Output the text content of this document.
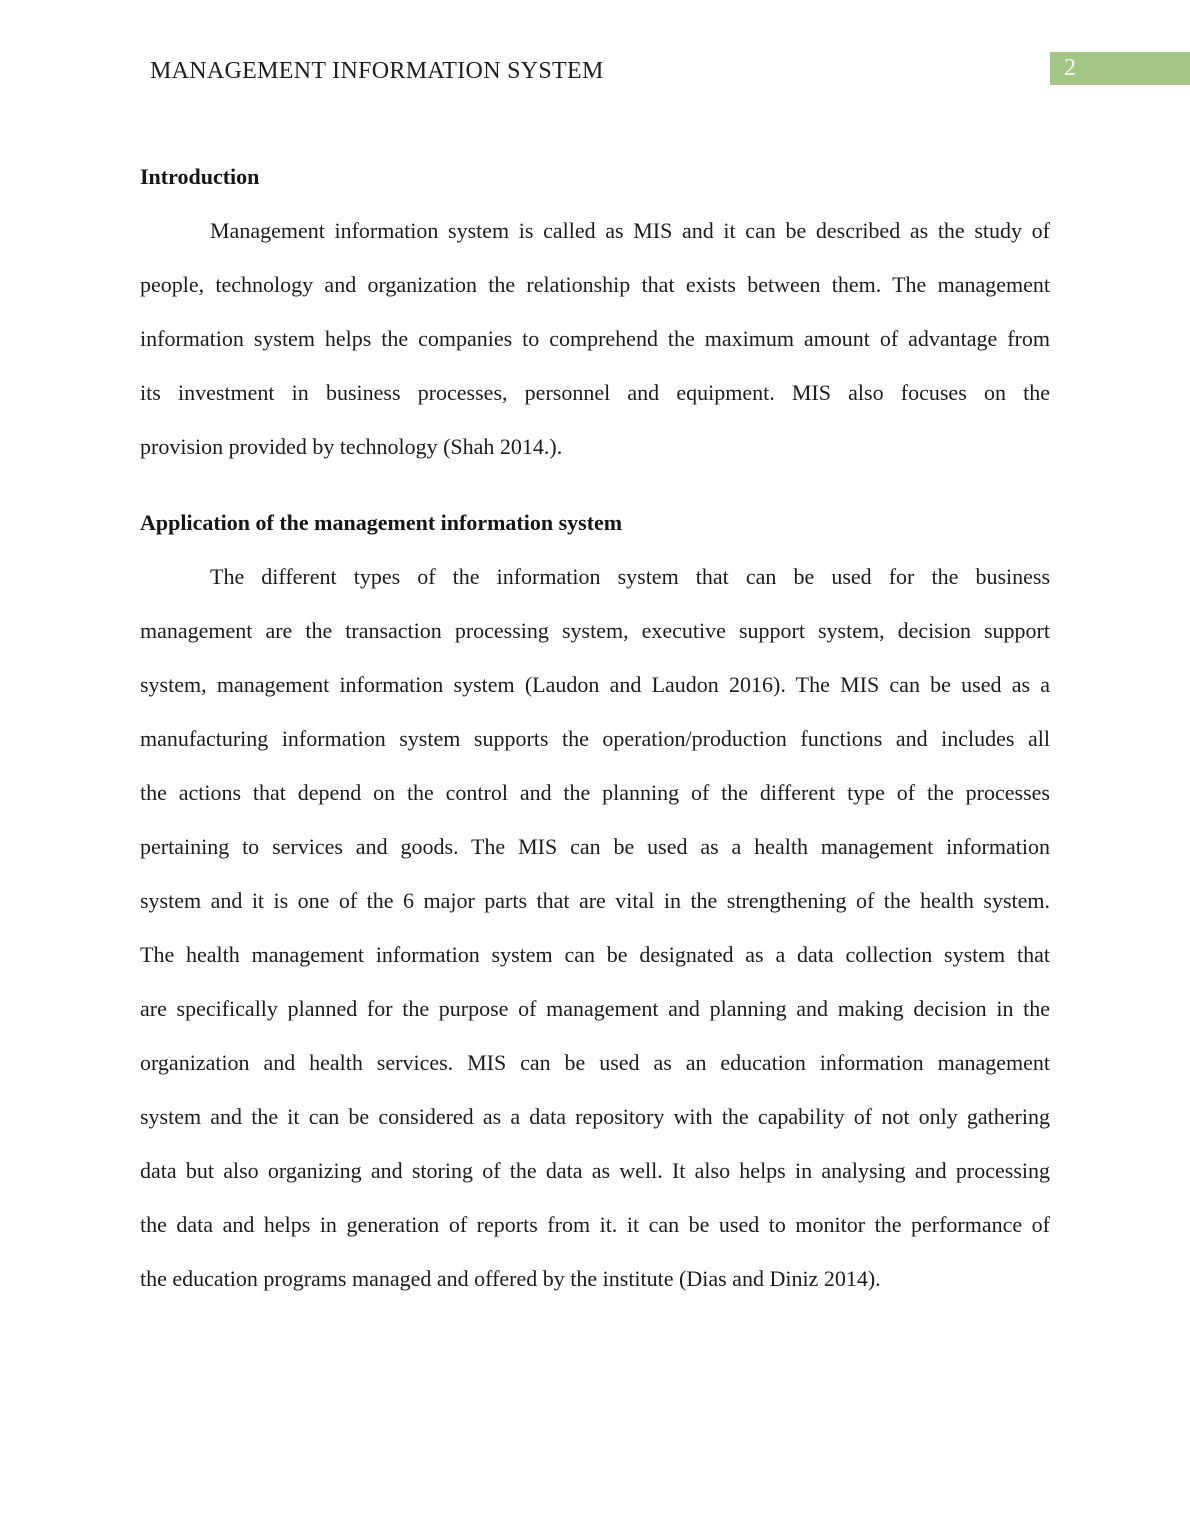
MANAGEMENT INFORMATION SYSTEM	2
Introduction
Management information system is called as MIS and it can be described as the study of
people, technology and organization the relationship that exists between them. The management
information system helps the companies to comprehend the maximum amount of advantage from
its investment in business processes, personnel and equipment. MIS also focuses on the
provision provided by technology (Shah 2014.).
Application of the management information system
The different types of the information system that can be used for the business
management are the transaction processing system, executive support system, decision support
system, management information system (Laudon and Laudon 2016). The MIS can be used as a
manufacturing information system supports the operation/production functions and includes all
the actions that depend on the control and the planning of the different type of the processes
pertaining to services and goods. The MIS can be used as a health management information
system and it is one of the 6 major parts that are vital in the strengthening of the health system.
The health management information system can be designated as a data collection system that
are specifically planned for the purpose of management and planning and making decision in the
organization and health services. MIS can be used as an education information management
system and the it can be considered as a data repository with the capability of not only gathering
data but also organizing and storing of the data as well. It also helps in analysing and processing
the data and helps in generation of reports from it. it can be used to monitor the performance of
the education programs managed and offered by the institute (Dias and Diniz 2014).
